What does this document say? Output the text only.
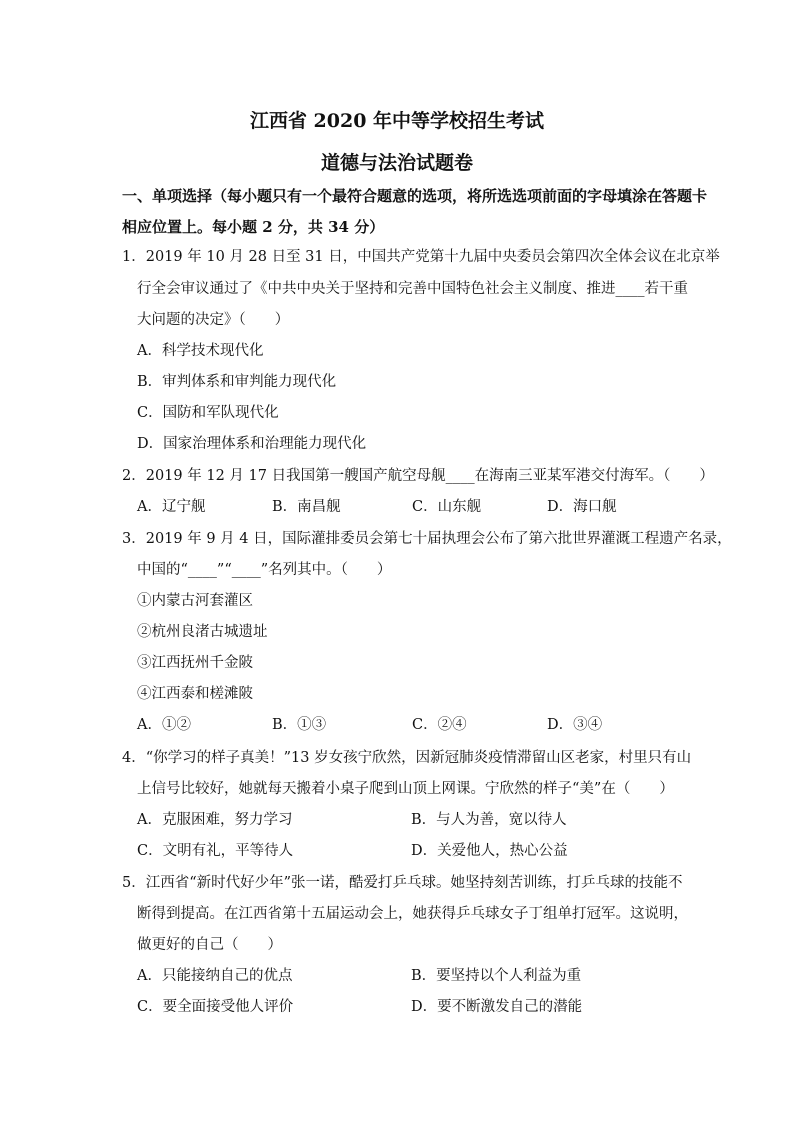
江西省 2020 年中等学校招生考试
道德与法治试题卷
一、单项选择（每小题只有一个最符合题意的选项，将所选选项前面的字母填涂在答题卡
相应位置上。每小题 2 分，共 34 分）
1．2019 年 10 月 28 日至 31 日，中国共产党第十九届中央委员会第四次全体会议在北京举
行全会审议通过了《中共中央关于坚持和完善中国特色社会主义制度、推进____若干重
大问题的决定》（　　）
A．科学技术现代化
B．审判体系和审判能力现代化
C．国防和军队现代化
D．国家治理体系和治理能力现代化
2．2019 年 12 月 17 日我国第一艘国产航空母舰____在海南三亚某军港交付海军。（　　）
A．辽宁舰	B．南昌舰	C．山东舰	D．海口舰
3．2019 年 9 月 4 日，国际灌排委员会第七十届执理会公布了第六批世界灌溉工程遗产名录，
中国的“____”“____”名列其中。（　　）
①内蒙古河套灌区
②杭州良渚古城遗址
③江西抚州千金陂
④江西泰和槎滩陂
A．①②	B．①③	C．②④	D．③④
4．“你学习的样子真美！”13 岁女孩宁欣然，因新冠肺炎疫情滞留山区老家，村里只有山
上信号比较好，她就每天搬着小桌子爬到山顶上网课。宁欣然的样子“美”在（　　）
A．克服困难，努力学习	B．与人为善，宽以待人
C．文明有礼，平等待人	D．关爱他人，热心公益
5．江西省“新时代好少年”张一诺，酷爱打乒乓球。她坚持刻苦训练，打乒乓球的技能不
断得到提高。在江西省第十五届运动会上，她获得乒乓球女子丁组单打冠军。这说明，
做更好的自己（　　）
A．只能接纳自己的优点	B．要坚持以个人利益为重
C．要全面接受他人评价	D．要不断激发自己的潜能
